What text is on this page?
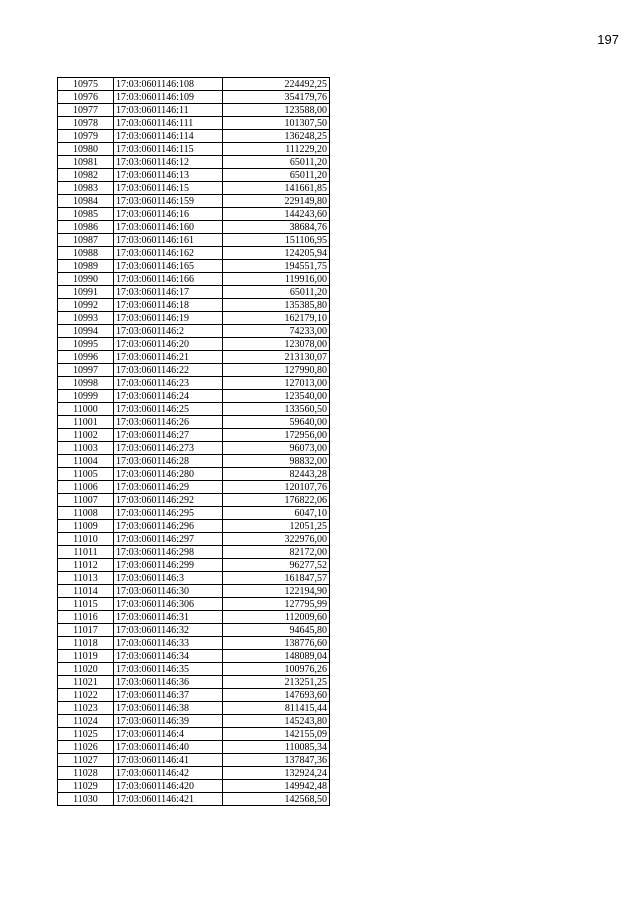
197
10975	17:03:0601146:108	224492,25
10976	17:03:0601146:109	354179,76
10977	17:03:0601146:11	123588,00
10978	17:03:0601146:111	101307,50
10979	17:03:0601146:114	136248,25
10980	17:03:0601146:115	111229,20
10981	17:03:0601146:12	65011,20
10982	17:03:0601146:13	65011,20
10983	17:03:0601146:15	141661,85
10984	17:03:0601146:159	229149,80
10985	17:03:0601146:16	144243,60
10986	17:03:0601146:160	38684,76
10987	17:03:0601146:161	151106,95
10988	17:03:0601146:162	124205,94
10989	17:03:0601146:165	194551,75
10990	17:03:0601146:166	119916,00
10991	17:03:0601146:17	65011,20
10992	17:03:0601146:18	135385,80
10993	17:03:0601146:19	162179,10
10994	17:03:0601146:2	74233,00
10995	17:03:0601146:20	123078,00
10996	17:03:0601146:21	213130,07
10997	17:03:0601146:22	127990,80
10998	17:03:0601146:23	127013,00
10999	17:03:0601146:24	123540,00
11000	17:03:0601146:25	133560,50
11001	17:03:0601146:26	59640,00
11002	17:03:0601146:27	172956,00
11003	17:03:0601146:273	96073,00
11004	17:03:0601146:28	98832,00
11005	17:03:0601146:280	82443,28
11006	17:03:0601146:29	120107,76
11007	17:03:0601146:292	176822,06
11008	17:03:0601146:295	6047,10
11009	17:03:0601146:296	12051,25
11010	17:03:0601146:297	322976,00
11011	17:03:0601146:298	82172,00
11012	17:03:0601146:299	96277,52
11013	17:03:0601146:3	161847,57
11014	17:03:0601146:30	122194,90
11015	17:03:0601146:306	127795,99
11016	17:03:0601146:31	112009,60
11017	17:03:0601146:32	94645,80
11018	17:03:0601146:33	138776,60
11019	17:03:0601146:34	148089,04
11020	17:03:0601146:35	100976,26
11021	17:03:0601146:36	213251,25
11022	17:03:0601146:37	147693,60
11023	17:03:0601146:38	811415,44
11024	17:03:0601146:39	145243,80
11025	17:03:0601146:4	142155,09
11026	17:03:0601146:40	110085,34
11027	17:03:0601146:41	137847,36
11028	17:03:0601146:42	132924,24
11029	17:03:0601146:420	149942,48
11030	17:03:0601146:421	142568,50
